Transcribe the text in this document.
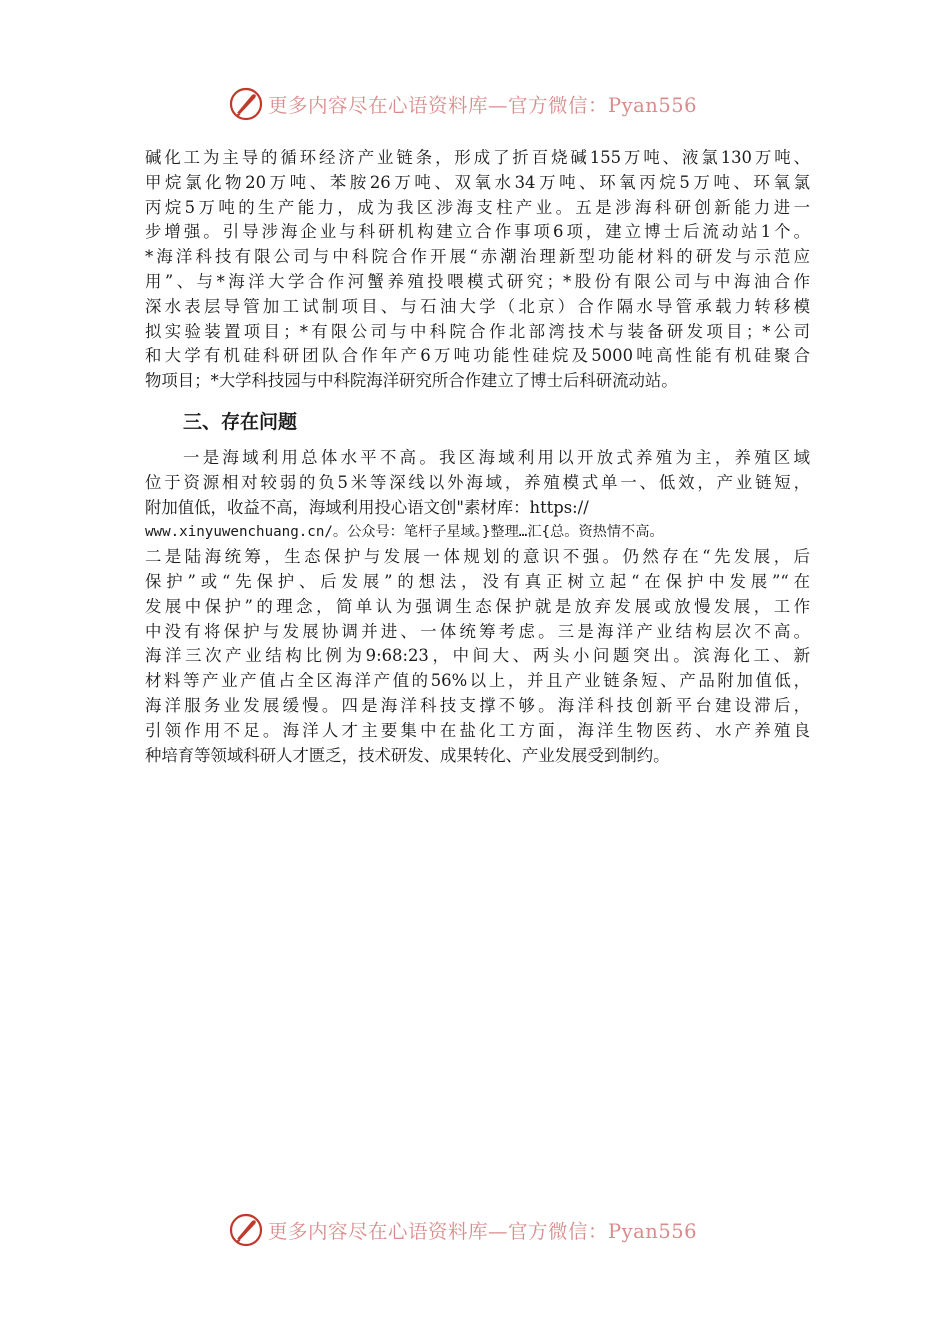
更多内容尽在心语资料库—官方微信：Pyan556
碱化工为主导的循环经济产业链条，形成了折百烧碱155万吨、液氯130万吨、
甲烷氯化物20万吨、苯胺26万吨、双氧水34万吨、环氧丙烷5万吨、环氧氯
丙烷5万吨的生产能力，成为我区涉海支柱产业。五是涉海科研创新能力进一
步增强。引导涉海企业与科研机构建立合作事项6项，建立博士后流动站1个。
*海洋科技有限公司与中科院合作开展“赤潮治理新型功能材料的研发与示范应
用”、与*海洋大学合作河蟹养殖投喂模式研究；*股份有限公司与中海油合作
深水表层导管加工试制项目、与石油大学（北京）合作隔水导管承载力转移模
拟实验装置项目；*有限公司与中科院合作北部湾技术与装备研发项目；*公司
和大学有机硅科研团队合作年产6万吨功能性硅烷及5000吨高性能有机硅聚合
物项目；*大学科技园与中科院海洋研究所合作建立了博士后科研流动站。
三、存在问题
一是海域利用总体水平不高。我区海域利用以开放式养殖为主，养殖区域
位于资源相对较弱的负5米等深线以外海域，养殖模式单一、低效，产业链短，
附加值低，收益不高，海域利用投心语文创"素材库：https://
www.xinyuwenchuang.cn/。公众号：笔杆子星域。}整理…汇{总。资热情不高。
二是陆海统筹，生态保护与发展一体规划的意识不强。仍然存在“先发展，后
保护”或“先保护、后发展”的想法，没有真正树立起“在保护中发展”“在
发展中保护”的理念，简单认为强调生态保护就是放弃发展或放慢发展，工作
中没有将保护与发展协调并进、一体统筹考虑。三是海洋产业结构层次不高。
海洋三次产业结构比例为9:68:23，中间大、两头小问题突出。滨海化工、新
材料等产业产值占全区海洋产值的56%以上，并且产业链条短、产品附加值低，
海洋服务业发展缓慢。四是海洋科技支撑不够。海洋科技创新平台建设滞后，
引领作用不足。海洋人才主要集中在盐化工方面，海洋生物医药、水产养殖良
种培育等领域科研人才匮乏，技术研发、成果转化、产业发展受到制约。
更多内容尽在心语资料库—官方微信：Pyan556
